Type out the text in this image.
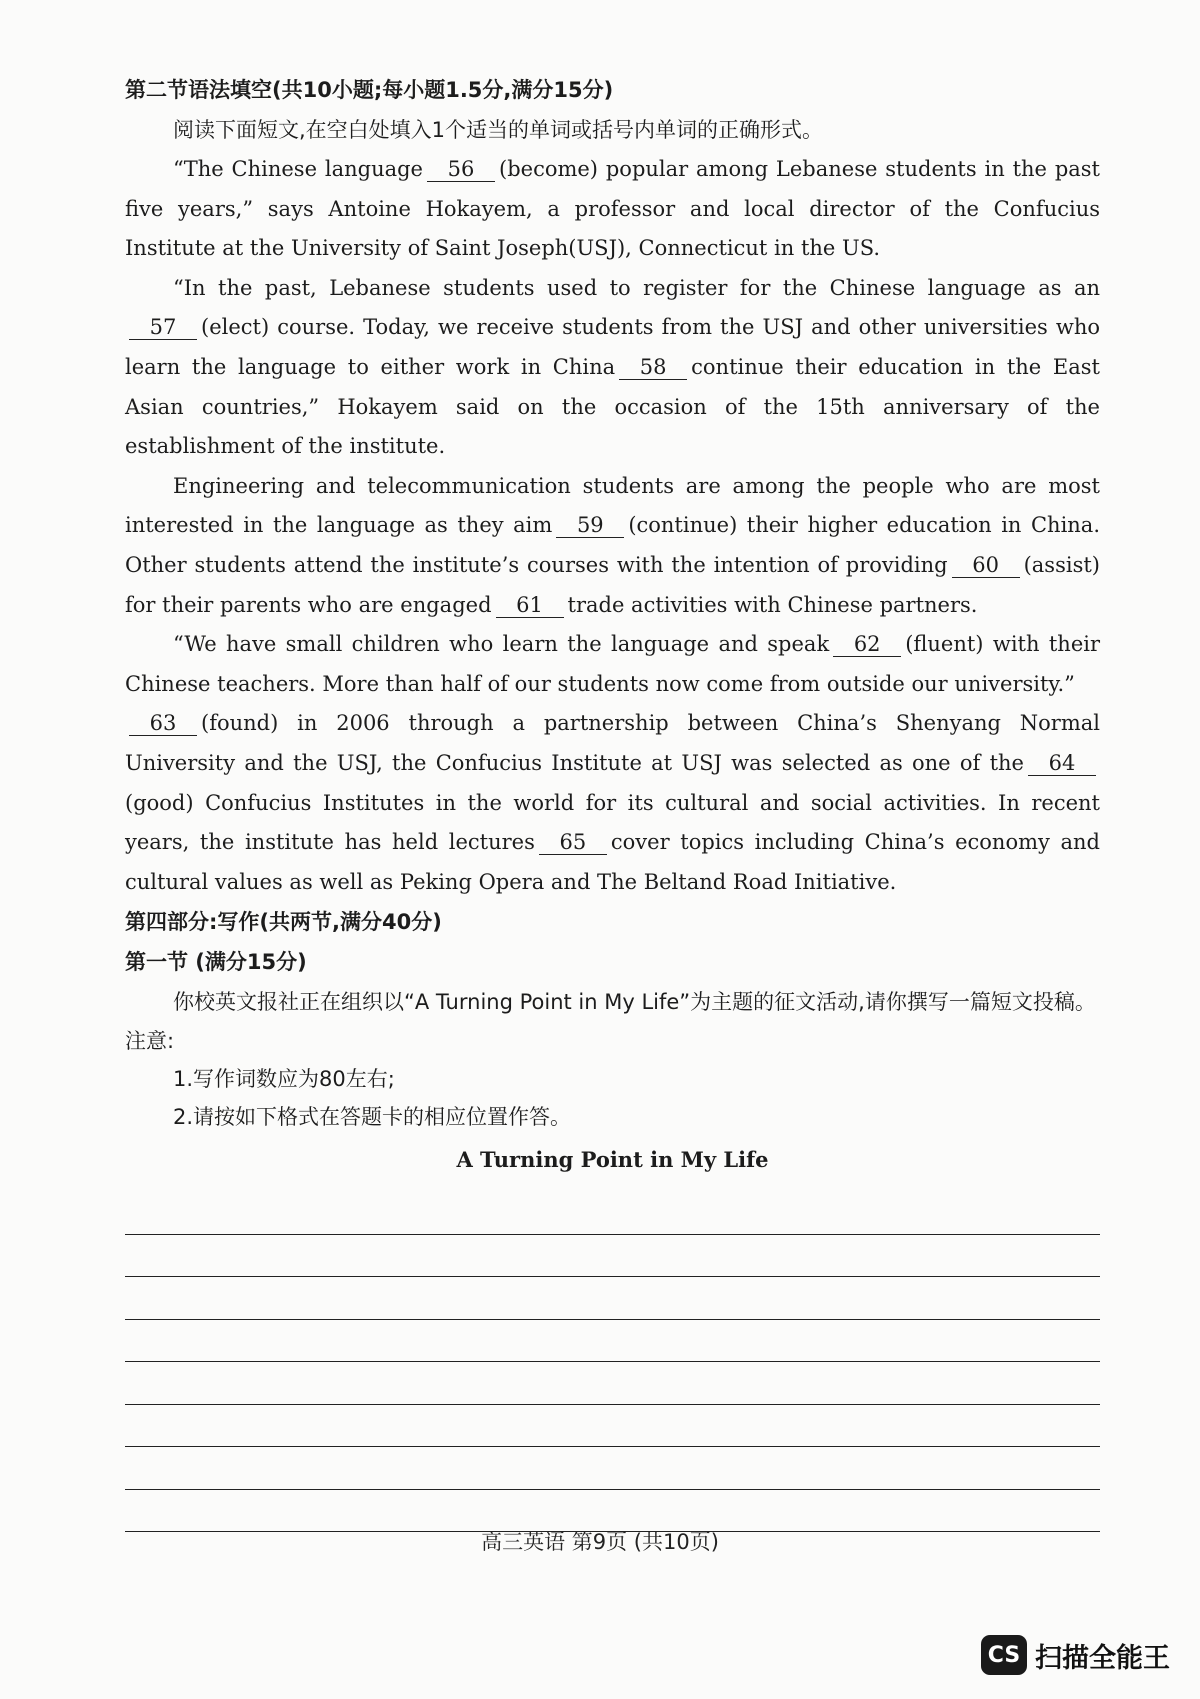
第二节语法填空(共10小题;每小题1.5分,满分15分)
阅读下面短文,在空白处填入1个适当的单词或括号内单词的正确形式。

“The Chinese language 56 (become) popular among Lebanese students in the past five years,” says Antoine Hokayem, a professor and local director of the Confucius Institute at the University of Saint Joseph(USJ), Connecticut in the US.

“In the past, Lebanese students used to register for the Chinese language as an57 (elect) course. Today, we receive students from the USJ and other universities who learn the language to either work in China 58 continue their education in the East Asian countries,” Hokayem said on the occasion of the 15th anniversary of the establishment of the institute.

Engineering and telecommunication students are among the people who are most interested in the language as they aim 59 (continue) their higher education in China. Other students attend the institute’s courses with the intention of providing 60 (assist) for their parents who are engaged 61 trade activities with Chinese partners.

“We have small children who learn the language and speak 62 (fluent) with their Chinese teachers. More than half of our students now come from outside our university.”

63 (found) in 2006 through a partnership between China’s Shenyang Normal University and the USJ, the Confucius Institute at USJ was selected as one of the 64(good) Confucius Institutes in the world for its cultural and social activities. In recent years, the institute has held lectures 65 cover topics including China’s economy and cultural values as well as Peking Opera and The Beltand Road Initiative.

第四部分:写作(共两节,满分40分)
第一节 (满分15分)
你校英文报社正在组织以“A Turning Point in My Life”为主题的征文活动,请你撰写一篇短文投稿。
注意:
1.写作词数应为80左右;
2.请按如下格式在答题卡的相应位置作答。
A Turning Point in My Life
高三英语 第9页 (共10页)
CS 扫描全能王
